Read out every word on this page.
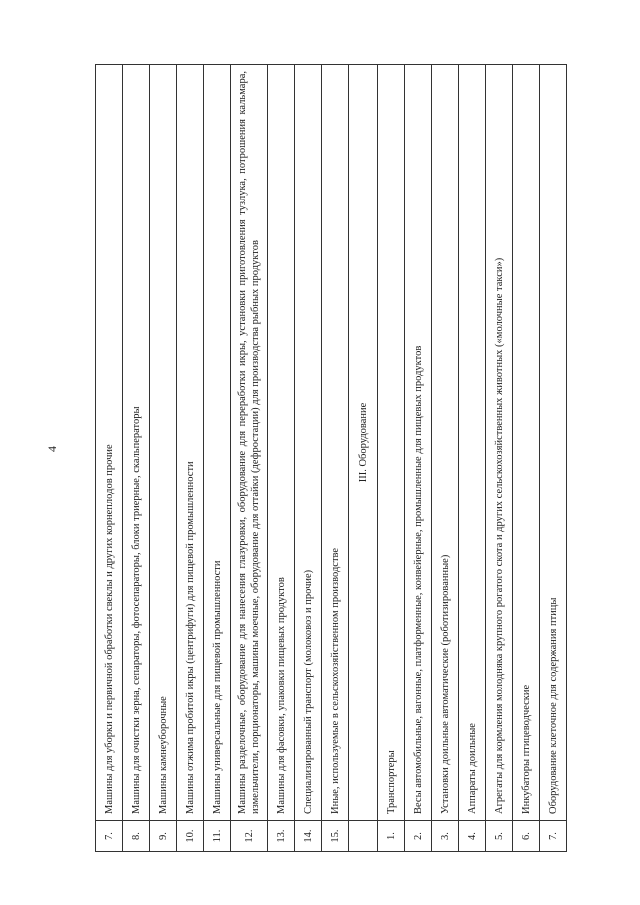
4
7.	Машины для уборки и первичной обработки свеклы и других корнеплодов прочие
8.	Машины для очистки зерна, сепараторы, фотосепараторы, блоки триерные, скальператоры
9.	Машины камнеуборочные
10.	Машины отжима пробитой икры (центрифуги) для пищевой промышленности
11.	Машины универсальные для пищевой промышленности
12.	Машины разделочные, оборудование для нанесения глазуровки, оборудование для переработки икры, установки приготовления тузлука, потрошения кальмара, измельчители, порционаторы, машины моечные, оборудование для оттайки (дефростации) для производства рыбных продуктов
13.	Машины для фасовки, упаковки пищевых продуктов
14.	Специализированный транспорт (молоковоз и прочие)
15.	Иные, используемые в сельскохозяйственном производстве
	III. Оборудование
1.	Транспортеры
2.	Весы автомобильные, вагонные, платформенные, конвейерные, промышленные для пищевых продуктов
3.	Установки доильные автоматические (роботизированные)
4.	Аппараты доильные
5.	Агрегаты для кормления молодняка крупного рогатого скота и других сельскохозяйственных животных («молочные такси»)
6.	Инкубаторы птицеводческие
7.	Оборудование клеточное для содержания птицы
